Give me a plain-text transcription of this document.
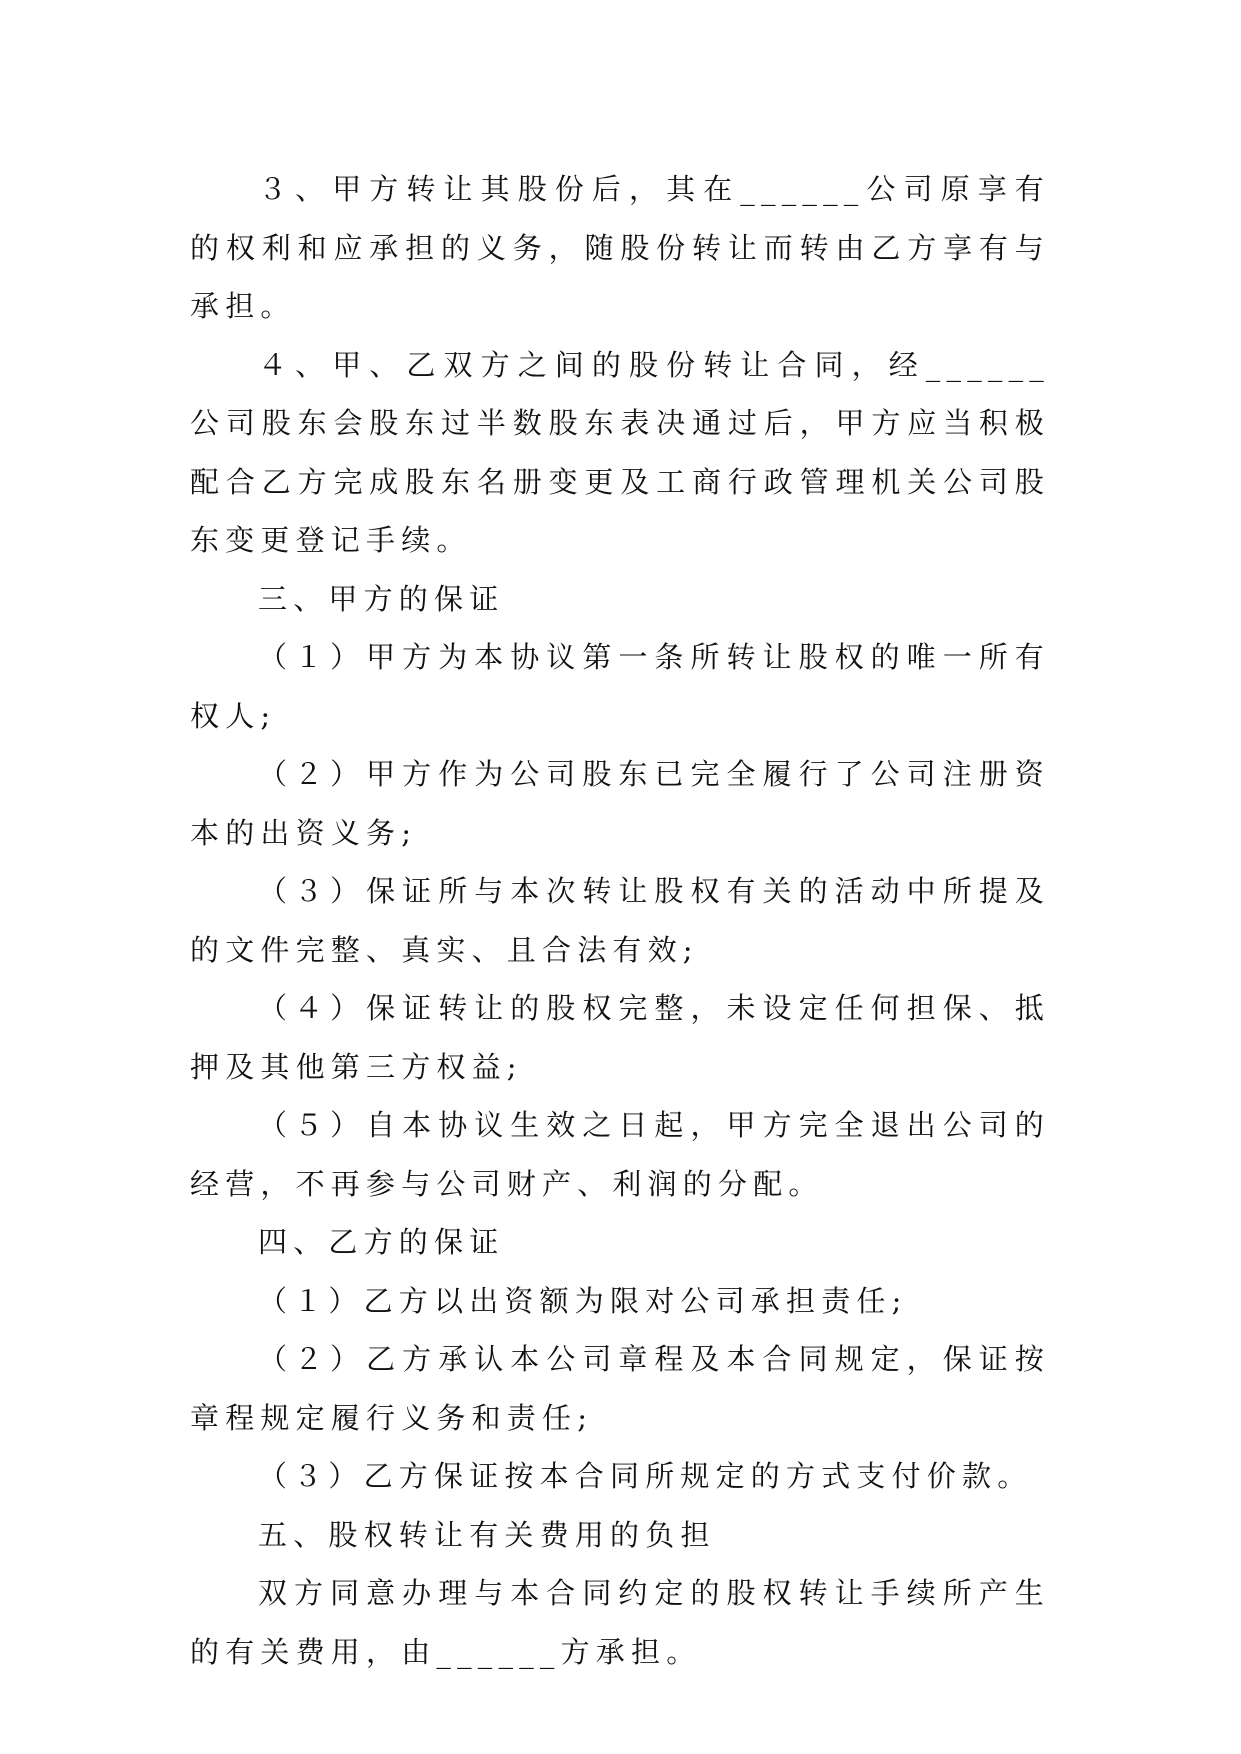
３、甲方转让其股份后，其在______公司原享有的权利和应承担的义务，随股份转让而转由乙方享有与承担。

４、甲、乙双方之间的股份转让合同，经______公司股东会股东过半数股东表决通过后，甲方应当积极配合乙方完成股东名册变更及工商行政管理机关公司股东变更登记手续。

三、甲方的保证

（１）甲方为本协议第一条所转让股权的唯一所有权人;

（２）甲方作为公司股东已完全履行了公司注册资本的出资义务;

（３）保证所与本次转让股权有关的活动中所提及的文件完整、真实、且合法有效;

（４）保证转让的股权完整，未设定任何担保、抵押及其他第三方权益;

（５）自本协议生效之日起，甲方完全退出公司的经营，不再参与公司财产、利润的分配。

四、乙方的保证

（１）乙方以出资额为限对公司承担责任;

（２）乙方承认本公司章程及本合同规定，保证按章程规定履行义务和责任;

（３）乙方保证按本合同所规定的方式支付价款。

五、股权转让有关费用的负担

双方同意办理与本合同约定的股权转让手续所产生的有关费用，由______方承担。
